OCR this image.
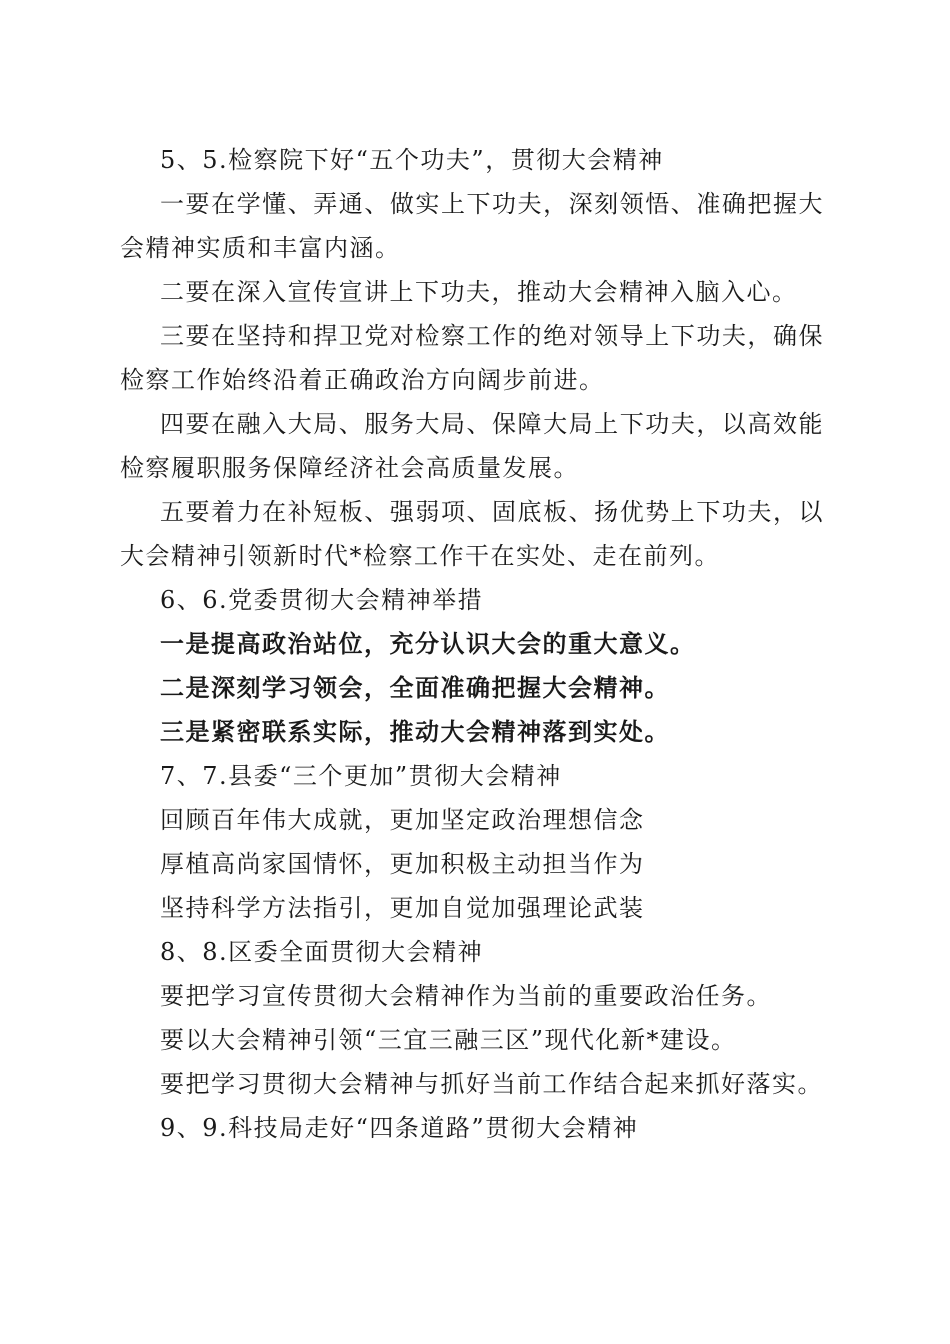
5、5.检察院下好“五个功夫”，贯彻大会精神

一要在学懂、弄通、做实上下功夫，深刻领悟、准确把握大会精神实质和丰富内涵。

二要在深入宣传宣讲上下功夫，推动大会精神入脑入心。

三要在坚持和捍卫党对检察工作的绝对领导上下功夫，确保检察工作始终沿着正确政治方向阔步前进。

四要在融入大局、服务大局、保障大局上下功夫，以高效能检察履职服务保障经济社会高质量发展。

五要着力在补短板、强弱项、固底板、扬优势上下功夫，以大会精神引领新时代*检察工作干在实处、走在前列。

6、6.党委贯彻大会精神举措

一是提高政治站位，充分认识大会的重大意义。

二是深刻学习领会，全面准确把握大会精神。

三是紧密联系实际，推动大会精神落到实处。

7、7.县委“三个更加”贯彻大会精神

回顾百年伟大成就，更加坚定政治理想信念

厚植高尚家国情怀，更加积极主动担当作为

坚持科学方法指引，更加自觉加强理论武装

8、8.区委全面贯彻大会精神

要把学习宣传贯彻大会精神作为当前的重要政治任务。

要以大会精神引领“三宜三融三区”现代化新*建设。

要把学习贯彻大会精神与抓好当前工作结合起来抓好落实。

9、9.科技局走好“四条道路”贯彻大会精神
